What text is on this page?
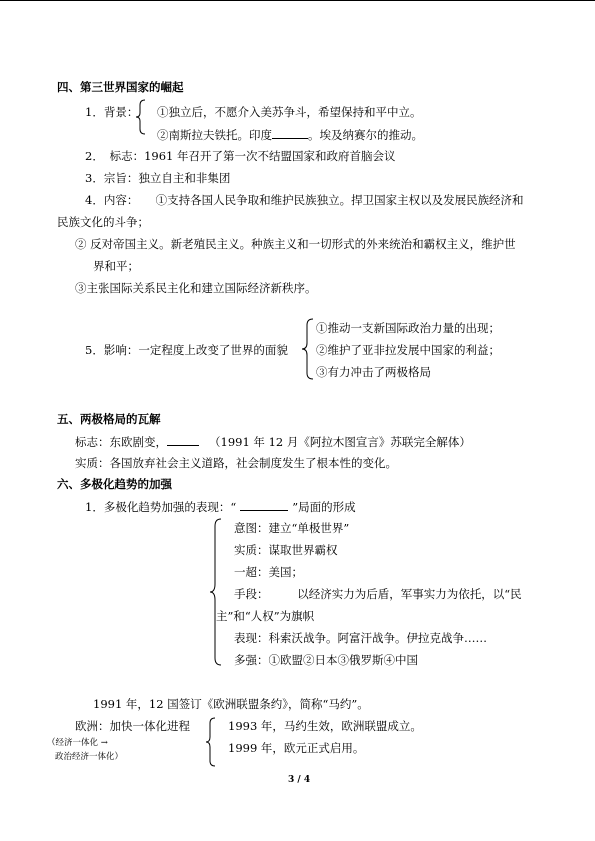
四、第三世界国家的崛起
1．背景： ①独立后，不愿介入美苏争斗，希望保持和平中立。
②南斯拉夫铁托。印度	。埃及纳赛尔的推动。
2．　标志：1961 年召开了第一次不结盟国家和政府首脑会议
3．宗旨：独立自主和非集团
4．内容：　　①支持各国人民争取和维护民族独立。捍卫国家主权以及发展民族经济和
民族文化的斗争；
② 反对帝国主义。新老殖民主义。种族主义和一切形式的外来统治和霸权主义，维护世
界和平；
③主张国际关系民主化和建立国际经济新秩序。
5．影响：一定程度上改变了世界的面貌
①推动一支新国际政治力量的出现；
②维护了亚非拉发展中国家的利益；
③有力冲击了两极格局
五、两极格局的瓦解
标志：东欧剧变，	（1991 年 12 月《阿拉木图宣言》苏联完全解体）
实质：各国放弃社会主义道路，社会制度发生了根本性的变化。
六、多极化趋势的加强
1．多极化趋势加强的表现：“	”局面的形成
意图：建立“单极世界”
实质：谋取世界霸权
一超：美国；
手段：　　　以经济实力为后盾，军事实力为依托，以“民
主”和“人权”为旗帜
表现：科索沃战争。阿富汗战争。伊拉克战争……
多强：①欧盟②日本③俄罗斯④中国
1991 年，12 国签订《欧洲联盟条约》，简称“马约”。
欧洲：加快一体化进程	1993 年，马约生效，欧洲联盟成立。
1999 年，欧元正式启用。
（经济一体化 →
政治经济一体化）
3 / 4
